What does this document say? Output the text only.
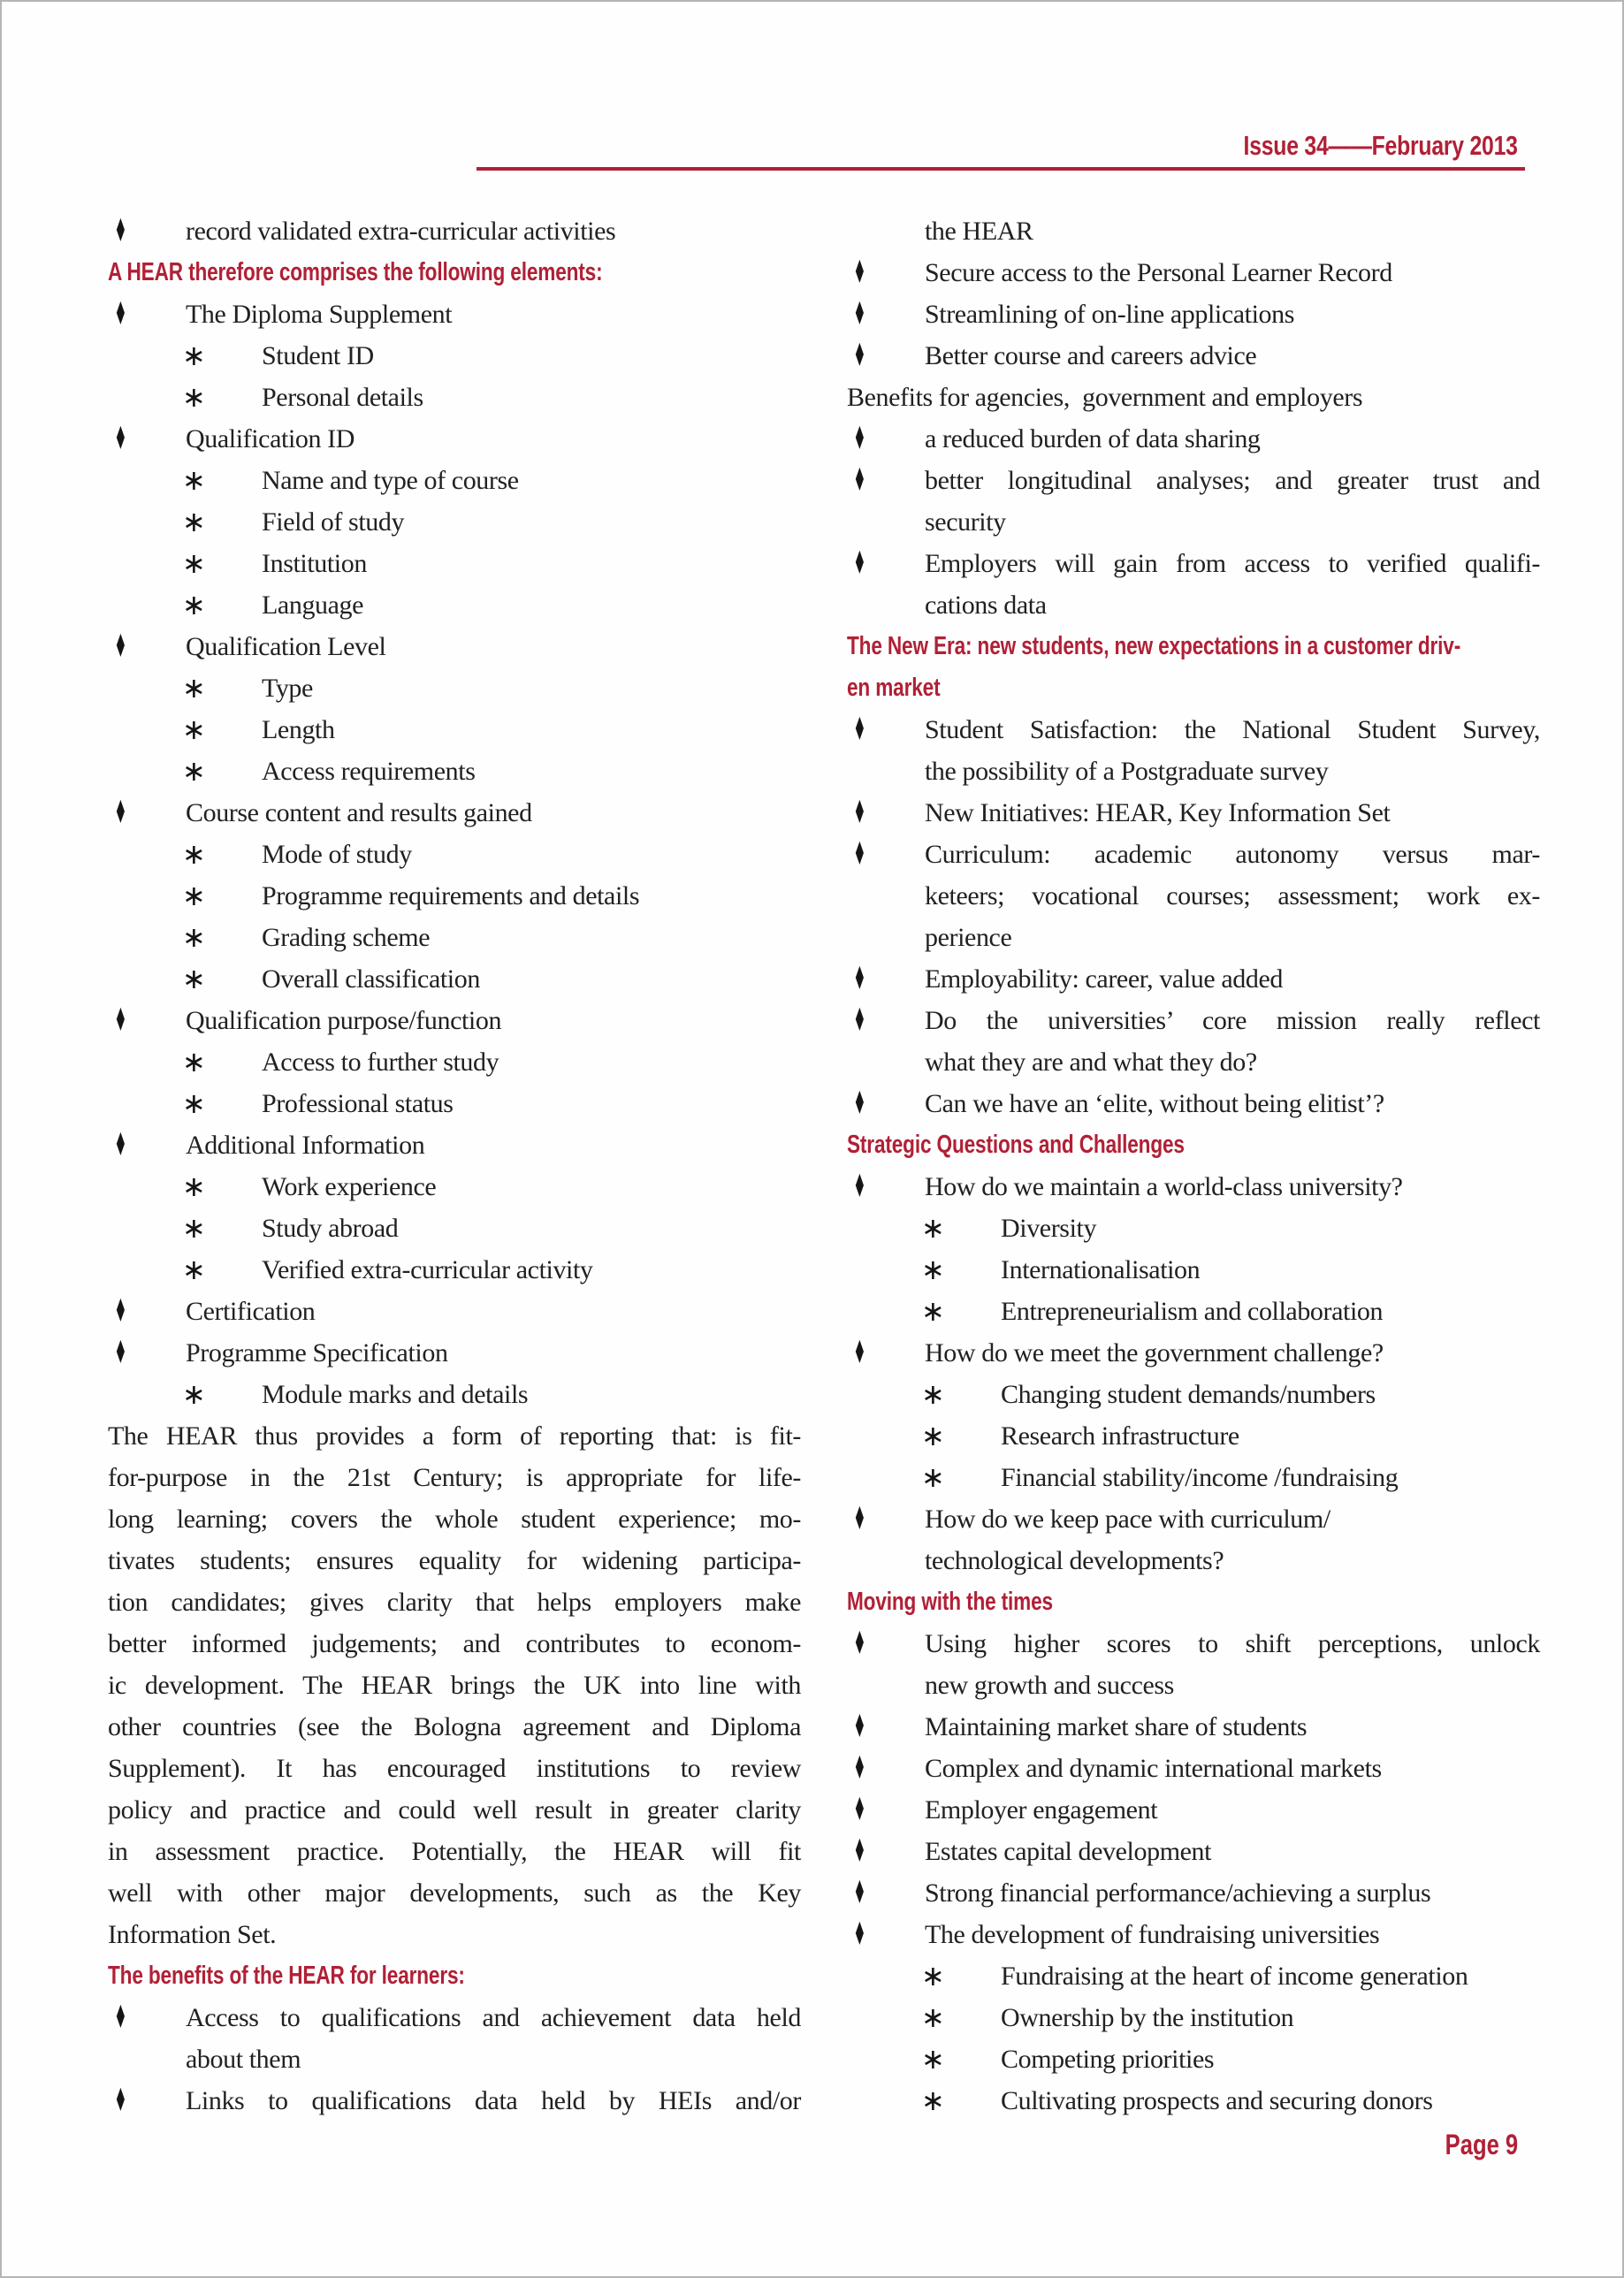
Issue 34——February 2013
♦ record validated extra-curricular activities
A HEAR therefore comprises the following elements:
♦ The Diploma Supplement
∗ Student ID
∗ Personal details
♦ Qualification ID
∗ Name and type of course
∗ Field of study
∗ Institution
∗ Language
♦ Qualification Level
∗ Type
∗ Length
∗ Access requirements
♦ Course content and results gained
∗ Mode of study
∗ Programme requirements and details
∗ Grading scheme
∗ Overall classification
♦ Qualification purpose/function
∗ Access to further study
∗ Professional status
♦ Additional Information
∗ Work experience
∗ Study abroad
∗ Verified extra-curricular activity
♦ Certification
♦ Programme Specification
∗ Module marks and details
The HEAR thus provides a form of reporting that: is fit-
for-purpose in the 21st Century; is appropriate for life-
long learning; covers the whole student experience; mo-
tivates students; ensures equality for widening participa-
tion candidates; gives clarity that helps employers make
better informed judgements; and contributes to econom-
ic development. The HEAR brings the UK into line with
other countries (see the Bologna agreement and Diploma
Supplement). It has encouraged institutions to review
policy and practice and could well result in greater clarity
in assessment practice. Potentially, the HEAR will fit
well with other major developments, such as the Key
Information Set.
The benefits of the HEAR for learners:
♦ Access to qualifications and achievement data held
about them
♦ Links to qualifications data held by HEIs and/or
the HEAR
♦ Secure access to the Personal Learner Record
♦ Streamlining of on-line applications
♦ Better course and careers advice
Benefits for agencies,  government and employers
♦ a reduced burden of data sharing
♦ better longitudinal analyses; and greater trust and
security
♦ Employers will gain from access to verified qualifi-
cations data
The New Era: new students, new expectations in a customer driv-
en market
♦ Student Satisfaction: the National Student Survey,
the possibility of a Postgraduate survey
♦ New Initiatives: HEAR, Key Information Set
♦ Curriculum: academic autonomy versus mar-
keteers; vocational courses; assessment; work ex-
perience
♦ Employability: career, value added
♦ Do the universities’ core mission really reflect
what they are and what they do?
♦ Can we have an ‘elite, without being elitist’?
Strategic Questions and Challenges
♦ How do we maintain a world-class university?
∗ Diversity
∗ Internationalisation
∗ Entrepreneurialism and collaboration
♦ How do we meet the government challenge?
∗ Changing student demands/numbers
∗ Research infrastructure
∗ Financial stability/income /fundraising
♦ How do we keep pace with curriculum/
technological developments?
Moving with the times
♦ Using higher scores to shift perceptions, unlock
new growth and success
♦ Maintaining market share of students
♦ Complex and dynamic international markets
♦ Employer engagement
♦ Estates capital development
♦ Strong financial performance/achieving a surplus
♦ The development of fundraising universities
∗ Fundraising at the heart of income generation
∗ Ownership by the institution
∗ Competing priorities
∗ Cultivating prospects and securing donors
Page 9
